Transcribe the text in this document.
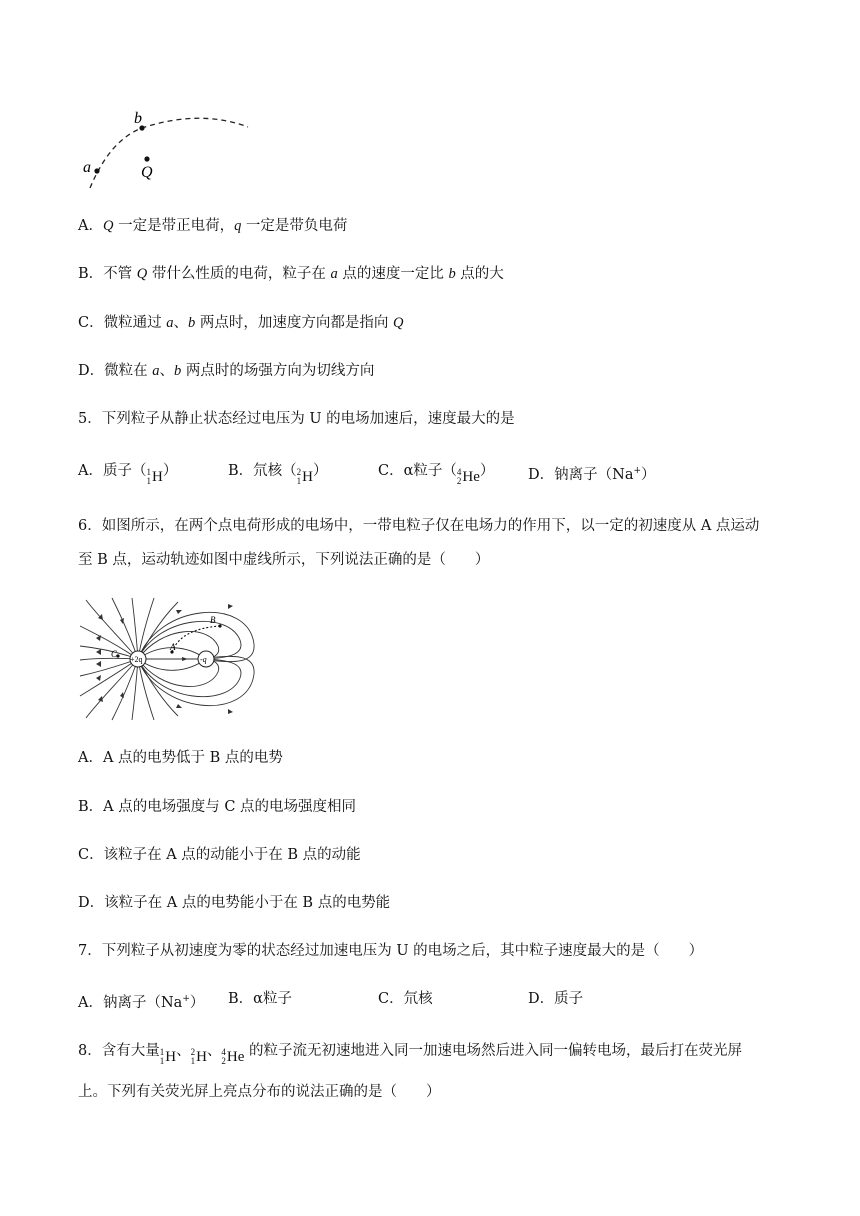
a
b
Q
A．Q 一定是带正电荷，q 一定是带负电荷
B．不管 Q 带什么性质的电荷，粒子在 a 点的速度一定比 b 点的大
C．微粒通过 a、b 两点时，加速度方向都是指向 Q
D．微粒在 a、b 两点时的场强方向为切线方向
5．下列粒子从静止状态经过电压为 U 的电场加速后，速度最大的是
A．质子（ 1
1 H ）	B．氘核（ 2
1 H ）	C．α粒子（ 4
2 He ） D．钠离子（Na+）
6．如图所示，在两个点电荷形成的电场中，一带电粒子仅在电场力的作用下，以一定的初速度从 A 点运动
至 B 点，运动轨迹如图中虚线所示，下列说法正确的是（　　）
+2q	-q
A
B
C
A．A 点的电势低于 B 点的电势
B．A 点的电场强度与 C 点的电场强度相同
C．该粒子在 A 点的动能小于在 B 点的动能
D．该粒子在 A 点的电势能小于在 B 点的电势能
7．下列粒子从初速度为零的状态经过加速电压为 U 的电场之后，其中粒子速度最大的是（　　）
A．钠离子（Na+） B．α粒子	C．氘核	D．质子
8．含有大量 1
1 H 、 2
1 H 、 4
2 He 的粒子流无初速地进入同一加速电场然后进入同一偏转电场，最后打在荧光屏
上。下列有关荧光屏上亮点分布的说法正确的是（　　）
